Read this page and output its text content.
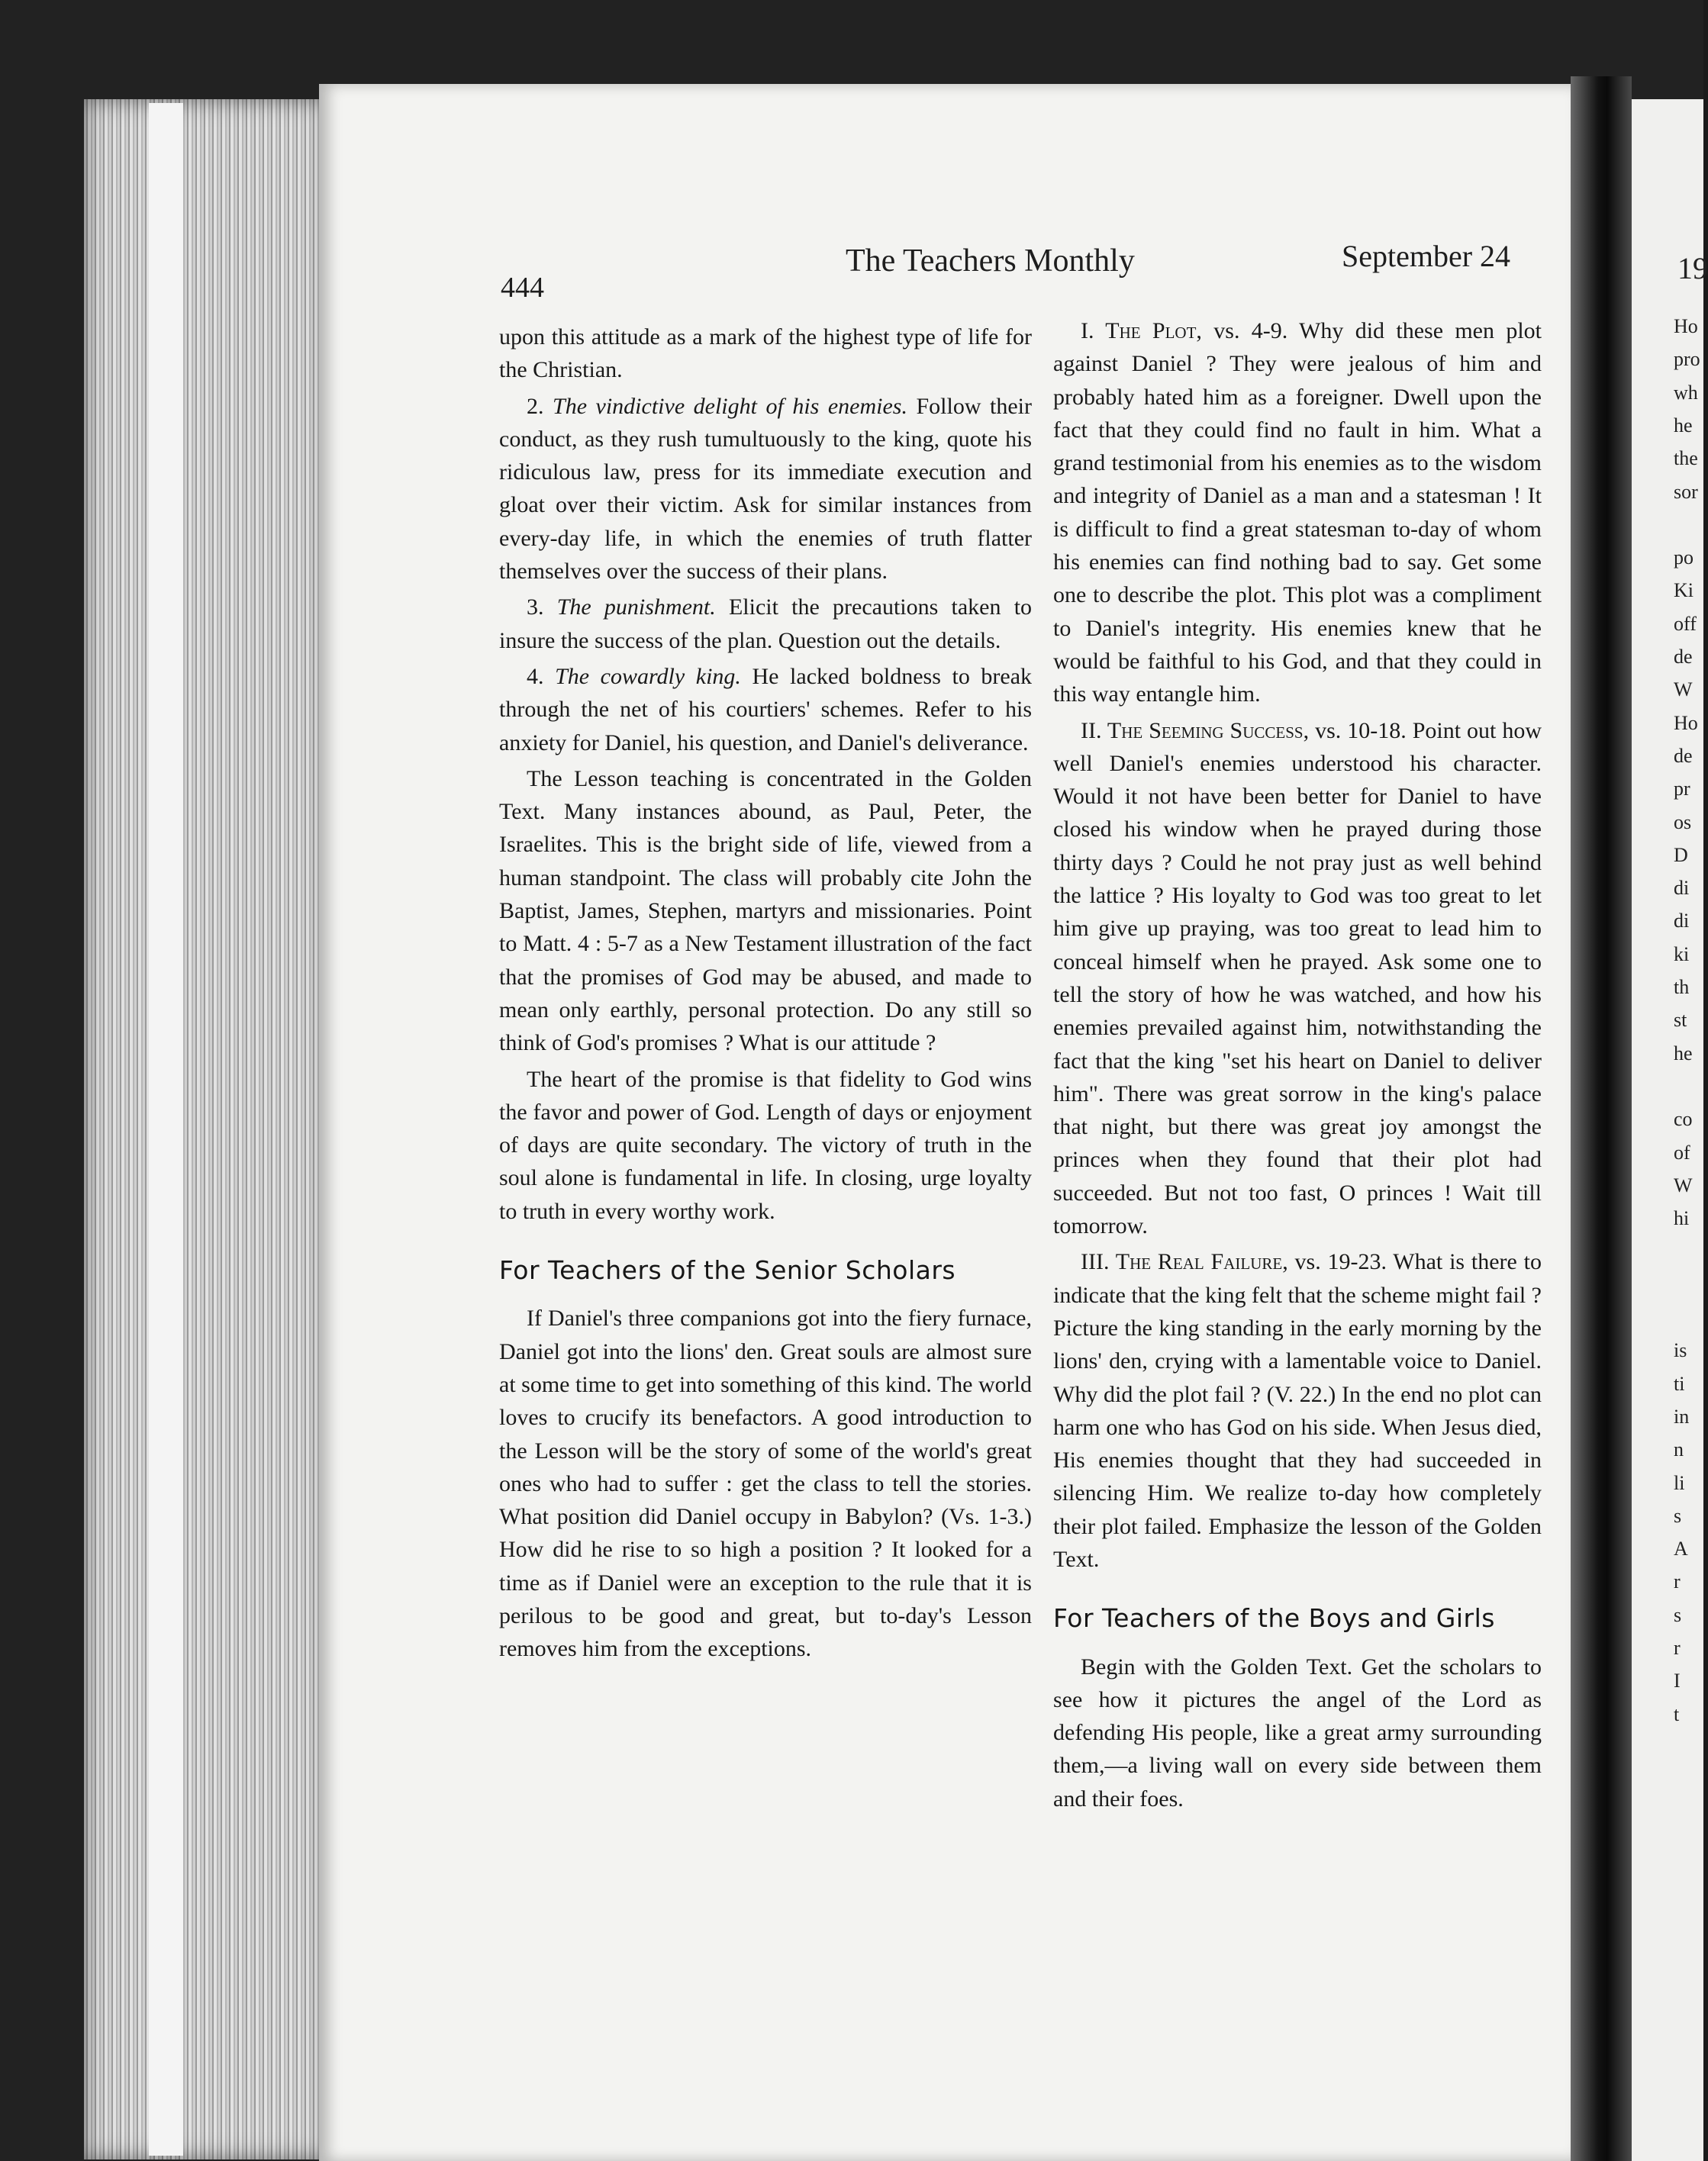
19
Ho
pro
wh
he
the
sor
po
Ki
off
de
W
Ho
de
pr
os
D
di
di
ki
th
st
he
co
of
W
hi
is
ti
in
n
li
s
A
r
s
r
I
t
444
The Teachers Monthly	September 24

upon this attitude as a mark of the highest type of life for the Christian.

2. The vindictive delight of his enemies. Follow their conduct, as they rush tumultuously to the king, quote his ridiculous law, press for its immediate execution and gloat over their victim. Ask for similar instances from every-day life, in which the enemies of truth flatter themselves over the success of their plans.

3. The punishment. Elicit the precautions taken to insure the success of the plan. Question out the details.

4. The cowardly king. He lacked boldness to break through the net of his courtiers' schemes. Refer to his anxiety for Daniel, his question, and Daniel's deliverance.

The Lesson teaching is concentrated in the Golden Text. Many instances abound, as Paul, Peter, the Israelites. This is the bright side of life, viewed from a human standpoint. The class will probably cite John the Baptist, James, Stephen, martyrs and missionaries. Point to Matt. 4 : 5-7 as a New Testament illustration of the fact that the promises of God may be abused, and made to mean only earthly, personal protection. Do any still so think of God's promises ? What is our attitude ?

The heart of the promise is that fidelity to God wins the favor and power of God. Length of days or enjoyment of days are quite secondary. The victory of truth in the soul alone is fundamental in life. In closing, urge loyalty to truth in every worthy work.

For Teachers of the Senior Scholars

If Daniel's three companions got into the fiery furnace, Daniel got into the lions' den. Great souls are almost sure at some time to get into something of this kind. The world loves to crucify its benefactors. A good introduction to the Lesson will be the story of some of the world's great ones who had to suffer : get the class to tell the stories. What position did Daniel occupy in Babylon? (Vs. 1-3.) How did he rise to so high a position ? It looked for a time as if Daniel were an exception to the rule that it is perilous to be good and great, but to-day's Lesson removes him from the exceptions.

I. The Plot, vs. 4-9. Why did these men plot against Daniel ? They were jealous of him and probably hated him as a foreigner. Dwell upon the fact that they could find no fault in him. What a grand testimonial from his enemies as to the wisdom and integrity of Daniel as a man and a statesman ! It is difficult to find a great statesman to-day of whom his enemies can find nothing bad to say. Get some one to describe the plot. This plot was a compliment to Daniel's integrity. His enemies knew that he would be faithful to his God, and that they could in this way entangle him.

II. The Seeming Success, vs. 10-18. Point out how well Daniel's enemies understood his character. Would it not have been better for Daniel to have closed his window when he prayed during those thirty days ? Could he not pray just as well behind the lattice ? His loyalty to God was too great to let him give up praying, was too great to lead him to conceal himself when he prayed. Ask some one to tell the story of how he was watched, and how his enemies prevailed against him, notwithstanding the fact that the king "set his heart on Daniel to deliver him". There was great sorrow in the king's palace that night, but there was great joy amongst the princes when they found that their plot had succeeded. But not too fast, O princes ! Wait till tomorrow.

III. The Real Failure, vs. 19-23. What is there to indicate that the king felt that the scheme might fail ? Picture the king standing in the early morning by the lions' den, crying with a lamentable voice to Daniel. Why did the plot fail ? (V. 22.) In the end no plot can harm one who has God on his side. When Jesus died, His enemies thought that they had succeeded in silencing Him. We realize to-day how completely their plot failed. Emphasize the lesson of the Golden Text.

For Teachers of the Boys and Girls

Begin with the Golden Text. Get the scholars to see how it pictures the angel of the Lord as defending His people, like a great army surrounding them,—a living wall on every side between them and their foes.
